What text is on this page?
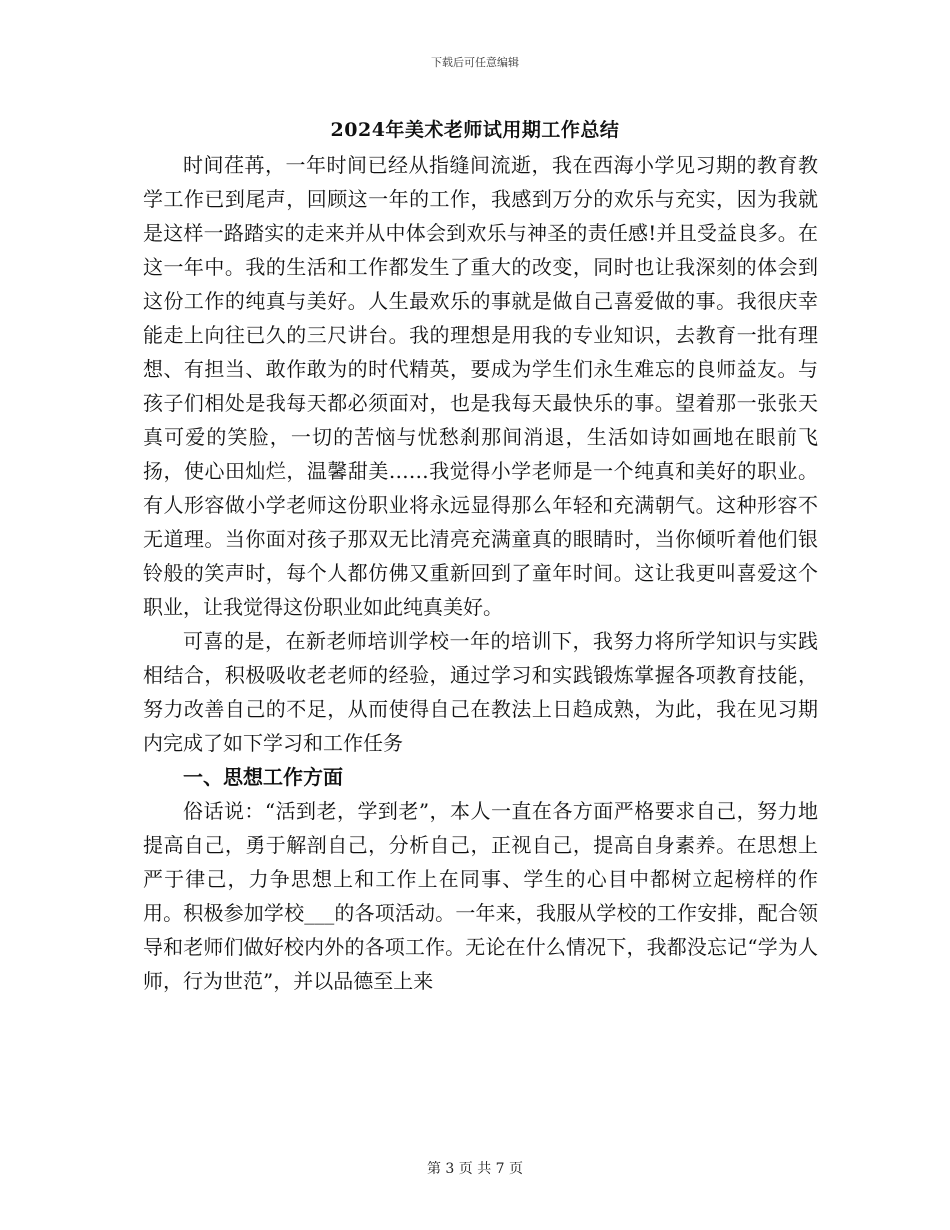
下载后可任意编辑
2024年美术老师试用期工作总结

时间荏苒，一年时间已经从指缝间流逝，我在西海小学见习期的教育教学工作已到尾声，回顾这一年的工作，我感到万分的欢乐与充实，因为我就是这样一路踏实的走来并从中体会到欢乐与神圣的责任感!并且受益良多。在这一年中。我的生活和工作都发生了重大的改变，同时也让我深刻的体会到这份工作的纯真与美好。人生最欢乐的事就是做自己喜爱做的事。我很庆幸能走上向往已久的三尺讲台。我的理想是用我的专业知识，去教育一批有理想、有担当、敢作敢为的时代精英，要成为学生们永生难忘的良师益友。与孩子们相处是我每天都必须面对，也是我每天最快乐的事。望着那一张张天真可爱的笑脸，一切的苦恼与忧愁刹那间消退，生活如诗如画地在眼前飞扬，使心田灿烂，温馨甜美……我觉得小学老师是一个纯真和美好的职业。有人形容做小学老师这份职业将永远显得那么年轻和充满朝气。这种形容不无道理。当你面对孩子那双无比清亮充满童真的眼睛时，当你倾听着他们银铃般的笑声时，每个人都仿佛又重新回到了童年时间。这让我更叫喜爱这个职业，让我觉得这份职业如此纯真美好。

可喜的是，在新老师培训学校一年的培训下，我努力将所学知识与实践相结合，积极吸收老老师的经验，通过学习和实践锻炼掌握各项教育技能，努力改善自己的不足，从而使得自己在教法上日趋成熟，为此，我在见习期内完成了如下学习和工作任务

一、思想工作方面

俗话说：“活到老，学到老”，本人一直在各方面严格要求自己，努力地提高自己，勇于解剖自己，分析自己，正视自己，提高自身素养。在思想上严于律己，力争思想上和工作上在同事、学生的心目中都树立起榜样的作用。积极参加学校___的各项活动。一年来，我服从学校的工作安排，配合领导和老师们做好校内外的各项工作。无论在什么情况下，我都没忘记“学为人师，行为世范”，并以品德至上来

第 3 页 共 7 页
